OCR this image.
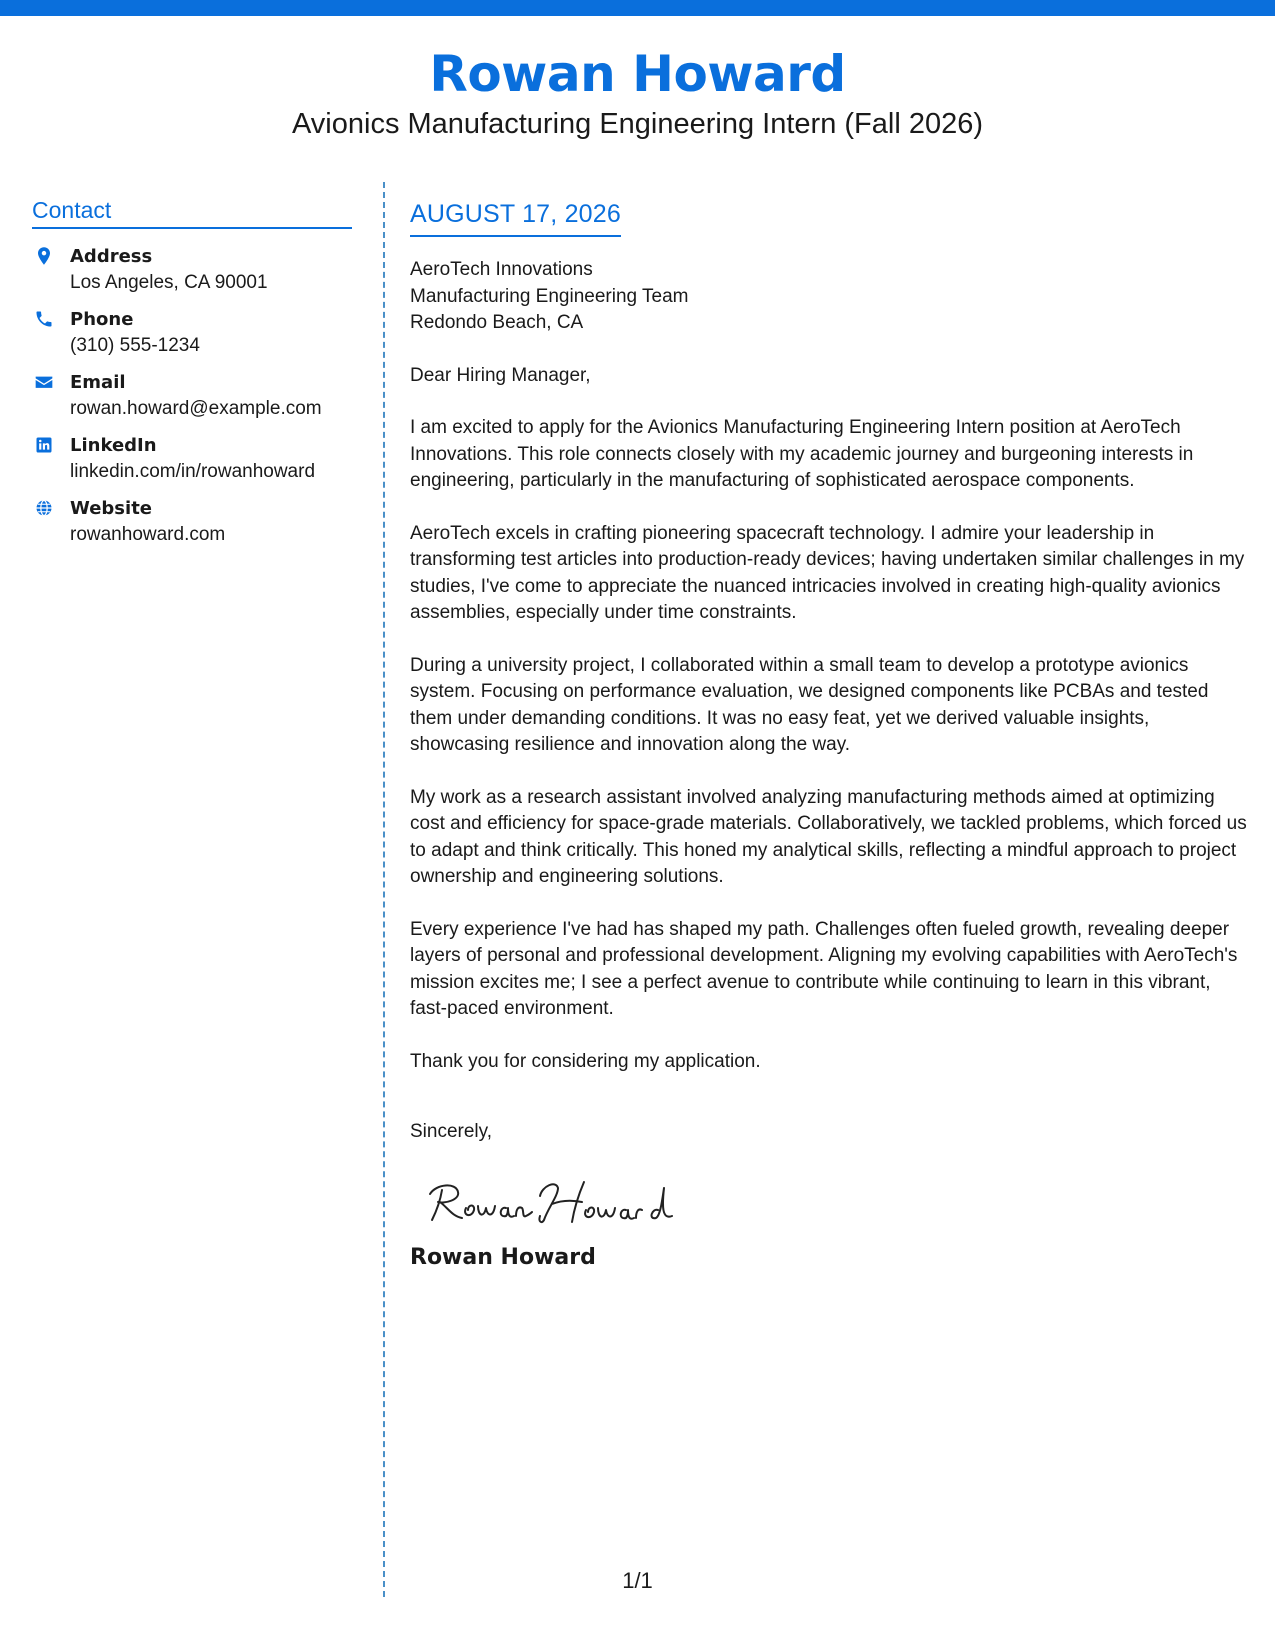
Rowan Howard
Avionics Manufacturing Engineering Intern (Fall 2026)
Contact
Address
Los Angeles, CA 90001
Phone
(310) 555-1234
Email
rowan.howard@example.com
LinkedIn
linkedin.com/in/rowanhoward
Website
rowanhoward.com
AUGUST 17, 2026
AeroTech Innovations
Manufacturing Engineering Team
Redondo Beach, CA
Dear Hiring Manager,
I am excited to apply for the Avionics Manufacturing Engineering Intern position at AeroTech Innovations. This role connects closely with my academic journey and burgeoning interests in engineering, particularly in the manufacturing of sophisticated aerospace components.
AeroTech excels in crafting pioneering spacecraft technology. I admire your leadership in transforming test articles into production-ready devices; having undertaken similar challenges in my studies, I've come to appreciate the nuanced intricacies involved in creating high-quality avionics assemblies, especially under time constraints.
During a university project, I collaborated within a small team to develop a prototype avionics system. Focusing on performance evaluation, we designed components like PCBAs and tested them under demanding conditions. It was no easy feat, yet we derived valuable insights, showcasing resilience and innovation along the way.
My work as a research assistant involved analyzing manufacturing methods aimed at optimizing cost and efficiency for space-grade materials. Collaboratively, we tackled problems, which forced us to adapt and think critically. This honed my analytical skills, reflecting a mindful approach to project ownership and engineering solutions.
Every experience I've had has shaped my path. Challenges often fueled growth, revealing deeper layers of personal and professional development. Aligning my evolving capabilities with AeroTech's mission excites me; I see a perfect avenue to contribute while continuing to learn in this vibrant, fast-paced environment.
Thank you for considering my application.
Sincerely,
Rowan Howard
1/1
